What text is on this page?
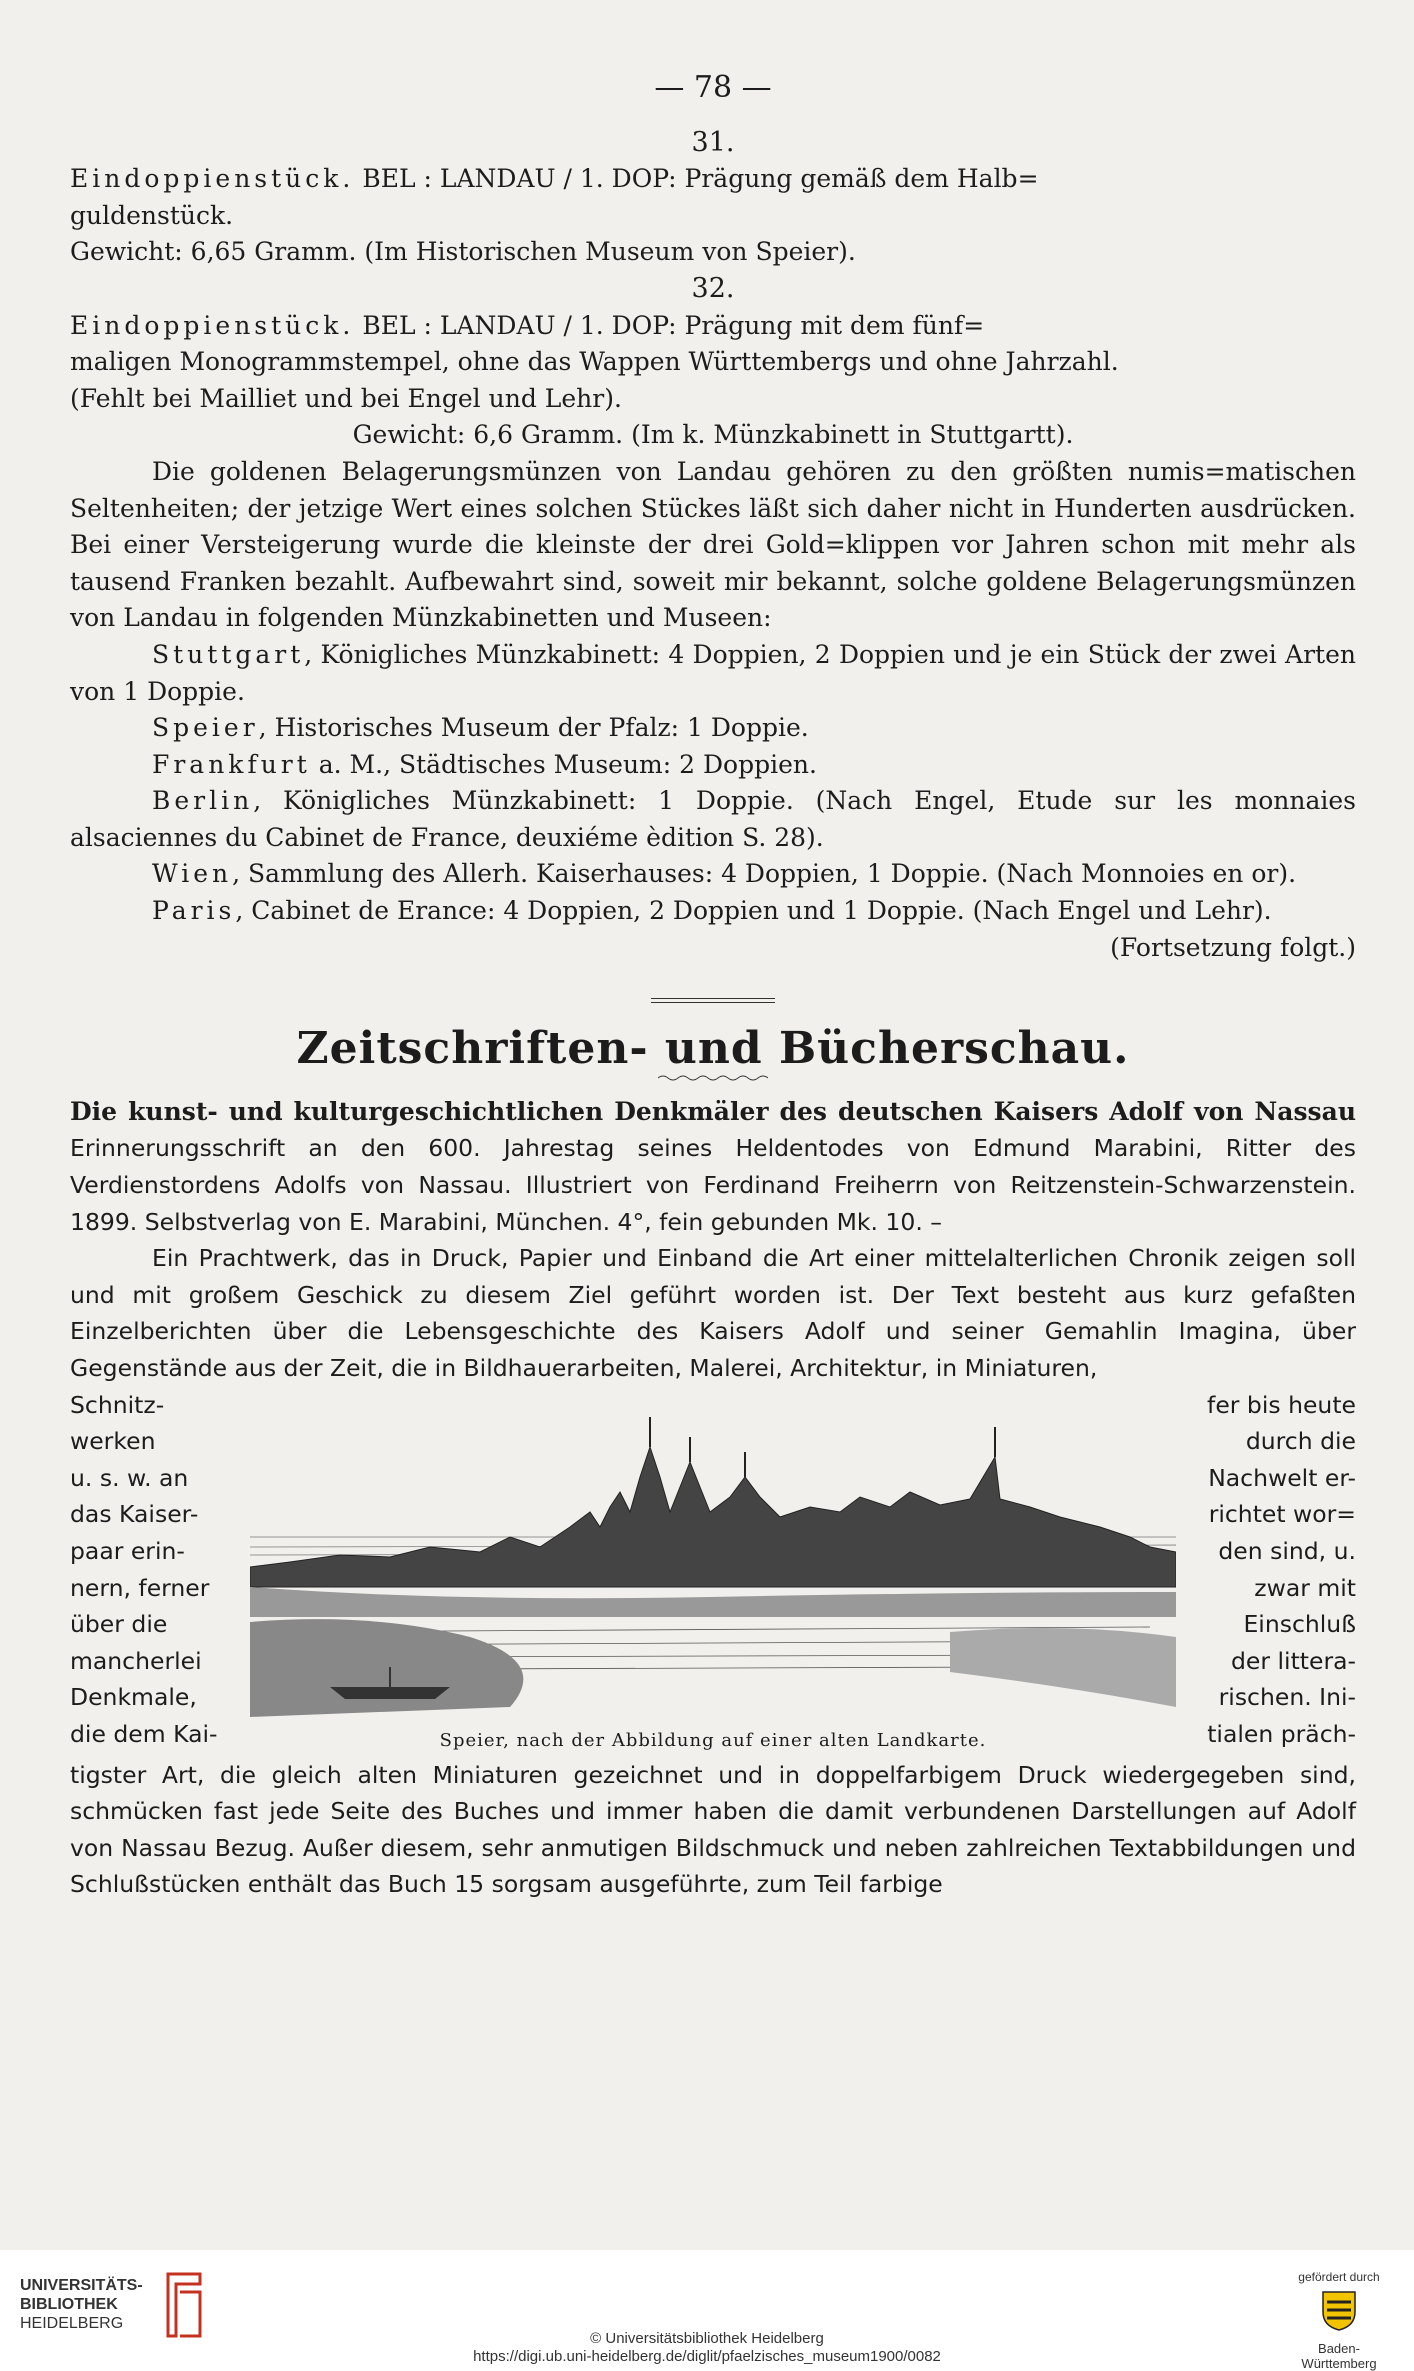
— 78 —
31.

Eindoppienstück. BEL : LANDAU / 1. DOP: Prägung gemäß dem Halb=

guldenstück.

Gewicht: 6,65 Gramm. (Im Historischen Museum von Speier).

32.

Eindoppienstück. BEL : LANDAU / 1. DOP: Prägung mit dem fünf=

maligen Monogrammstempel, ohne das Wappen Württembergs und ohne Jahrzahl.

(Fehlt bei Mailliet und bei Engel und Lehr).

Gewicht: 6,6 Gramm. (Im k. Münzkabinett in Stuttgartt).

Die goldenen Belagerungsmünzen von Landau gehören zu den größten numis=matischen Seltenheiten; der jetzige Wert eines solchen Stückes läßt sich daher nicht in Hunderten ausdrücken. Bei einer Versteigerung wurde die kleinste der drei Gold=klippen vor Jahren schon mit mehr als tausend Franken bezahlt. Aufbewahrt sind, soweit mir bekannt, solche goldene Belagerungsmünzen von Landau in folgenden Münzkabinetten und Museen:

Stuttgart, Königliches Münzkabinett: 4 Doppien, 2 Doppien und je ein Stück der zwei Arten von 1 Doppie.

Speier, Historisches Museum der Pfalz: 1 Doppie.

Frankfurt a. M., Städtisches Museum: 2 Doppien.

Berlin, Königliches Münzkabinett: 1 Doppie. (Nach Engel, Etude sur les monnaies alsaciennes du Cabinet de France, deuxiéme èdition S. 28).

Wien, Sammlung des Allerh. Kaiserhauses: 4 Doppien, 1 Doppie. (Nach Monnoies en or).

Paris, Cabinet de Erance: 4 Doppien, 2 Doppien und 1 Doppie. (Nach Engel und Lehr).

(Fortsetzung folgt.)

Zeitschriften- und Bücherschau.

Die kunst- und kulturgeschichtlichen Denkmäler des deutschen Kaisers Adolf von Nassau Erinnerungsschrift an den 600. Jahrestag seines Heldentodes von Edmund Marabini, Ritter des Verdienstordens Adolfs von Nassau. Illustriert von Ferdinand Freiherrn von Reitzenstein-Schwarzenstein. 1899. Selbstverlag von E. Marabini, München. 4°, fein gebunden Mk. 10. –

Ein Prachtwerk, das in Druck, Papier und Einband die Art einer mittelalterlichen Chronik zeigen soll und mit großem Geschick zu diesem Ziel geführt worden ist. Der Text besteht aus kurz gefaßten Einzelberichten über die Lebensgeschichte des Kaisers Adolf und seiner Gemahlin Imagina, über Gegenstände aus der Zeit, die in Bildhauerarbeiten, Malerei, Architektur, in Miniaturen,

Schnitz-
werken
u. s. w. an
das Kaiser-
paar erin-
nern, ferner
über die
mancherlei
Denkmale,
die dem Kai-	Speier, nach der Abbildung auf einer alten Landkarte.
fer bis heute
durch die
Nachwelt er-
richtet wor=
den sind, u.
zwar mit
Einschluß
der littera-
rischen. Ini-
tialen präch-

tigster Art, die gleich alten Miniaturen gezeichnet und in doppelfarbigem Druck wiedergegeben sind, schmücken fast jede Seite des Buches und immer haben die damit verbundenen Darstellungen auf Adolf von Nassau Bezug. Außer diesem, sehr anmutigen Bildschmuck und neben zahlreichen Textabbildungen und Schlußstücken enthält das Buch 15 sorgsam ausgeführte, zum Teil farbige

UNIVERSITÄTS-
BIBLIOTHEK
HEIDELBERG
© Universitätsbibliothek Heidelberg
https://digi.ub.uni-heidelberg.de/diglit/pfaelzisches_museum1900/0082
gefördert durch
Baden-Württemberg
